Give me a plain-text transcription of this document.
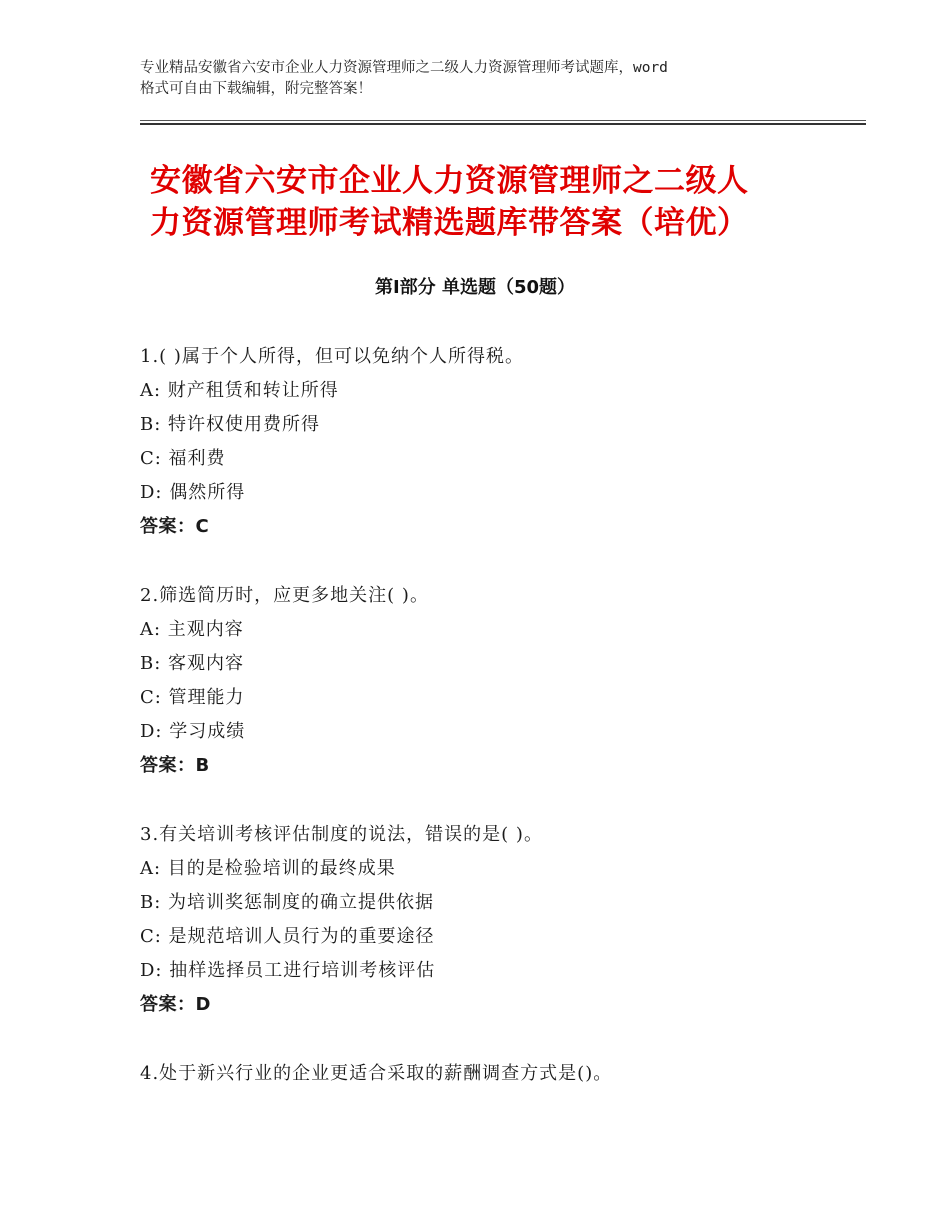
专业精品安徽省六安市企业人力资源管理师之二级人力资源管理师考试题库，word
格式可自由下载编辑，附完整答案！
安徽省六安市企业人力资源管理师之二级人
力资源管理师考试精选题库带答案（培优）
第Ⅰ部分 单选题（50题）
1.( )属于个人所得，但可以免纳个人所得税。
A: 财产租赁和转让所得
B: 特许权使用费所得
C: 福利费
D: 偶然所得
答案：C
2.筛选简历时，应更多地关注( )。
A: 主观内容
B: 客观内容
C: 管理能力
D: 学习成绩
答案：B
3.有关培训考核评估制度的说法，错误的是( )。
A: 目的是检验培训的最终成果
B: 为培训奖惩制度的确立提供依据
C: 是规范培训人员行为的重要途径
D: 抽样选择员工进行培训考核评估
答案：D
4.处于新兴行业的企业更适合采取的薪酬调查方式是()。
